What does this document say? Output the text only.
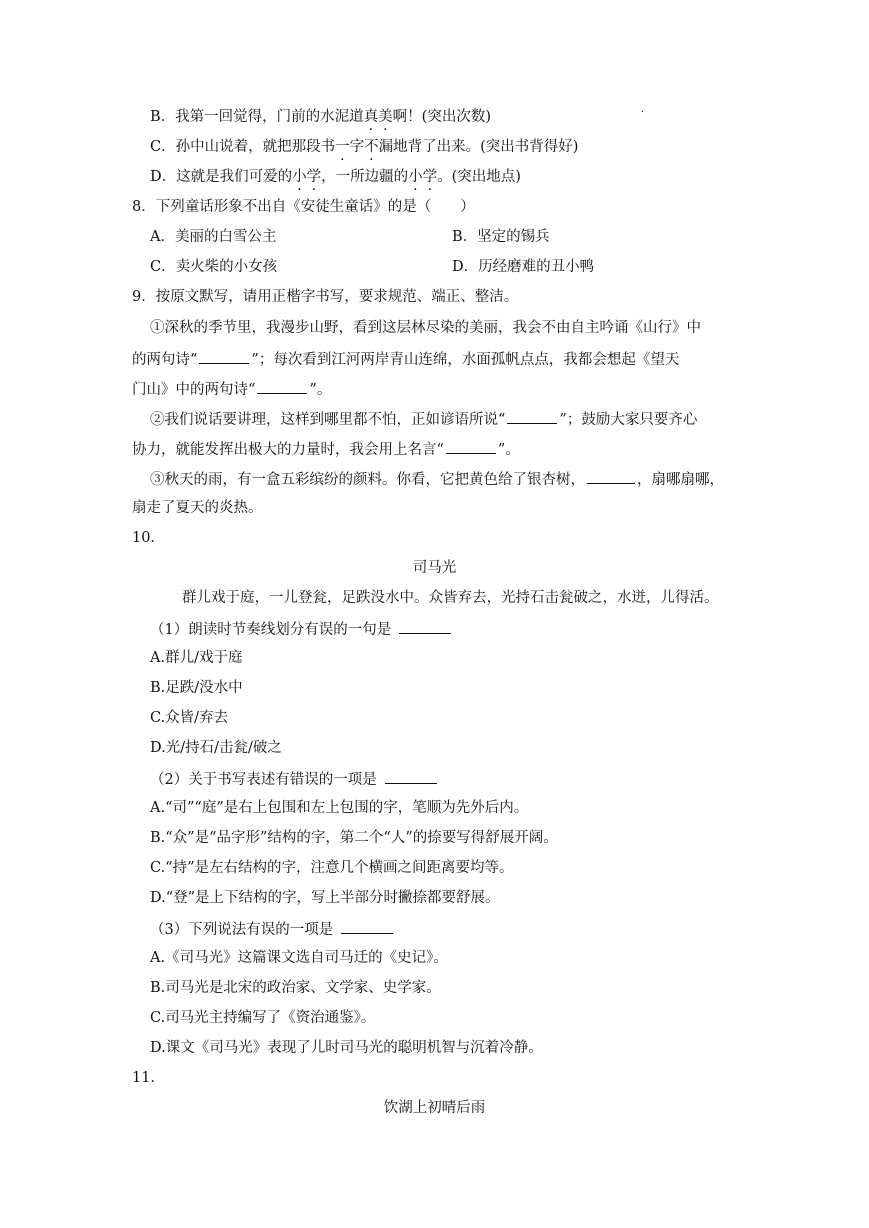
B．我第一回觉得，门前的水泥道真美啊！(突出次数)	·
C．孙中山说着，就把那段书一字不漏地背了出来。(突出书背得好)
D．这就是我们可爱的小学，一所边疆的小学。(突出地点)
8．下列童话形象不出自《安徒生童话》的是（　　）
A．美丽的白雪公主	B．坚定的锡兵
C．卖火柴的小女孩	D．历经磨难的丑小鸭
9．按原文默写，请用正楷字书写，要求规范、端正、整洁。
①深秋的季节里，我漫步山野，看到这层林尽染的美丽，我会不由自主吟诵《山行》中
的两句诗“	”；每次看到江河两岸青山连绵，水面孤帆点点，我都会想起《望天
门山》中的两句诗“	”。
②我们说话要讲理，这样到哪里都不怕，正如谚语所说“	”；鼓励大家只要齐心
协力，就能发挥出极大的力量时，我会用上名言“	”。
③秋天的雨，有一盒五彩缤纷的颜料。你看，它把黄色给了银杏树，	，扇哪扇哪，
扇走了夏天的炎热。
10．
司马光
群儿戏于庭，一儿登瓮，足跌没水中。众皆弃去，光持石击瓮破之，水迸，儿得活。
（1）朗读时节奏线划分有误的一句是
A.群儿/戏于庭
B.足跌/没水中
C.众皆/弃去
D.光/持石/击瓮/破之
（2）关于书写表述有错误的一项是
A.“司”“庭”是右上包围和左上包围的字，笔顺为先外后内。
B.“众”是“品字形”结构的字，第二个“人”的捺要写得舒展开阔。
C.“持”是左右结构的字，注意几个横画之间距离要均等。
D.“登”是上下结构的字，写上半部分时撇捺都要舒展。
（3）下列说法有误的一项是
A.《司马光》这篇课文选自司马迁的《史记》。
B.司马光是北宋的政治家、文学家、史学家。
C.司马光主持编写了《资治通鉴》。
D.课文《司马光》表现了儿时司马光的聪明机智与沉着冷静。
11．
饮湖上初晴后雨
